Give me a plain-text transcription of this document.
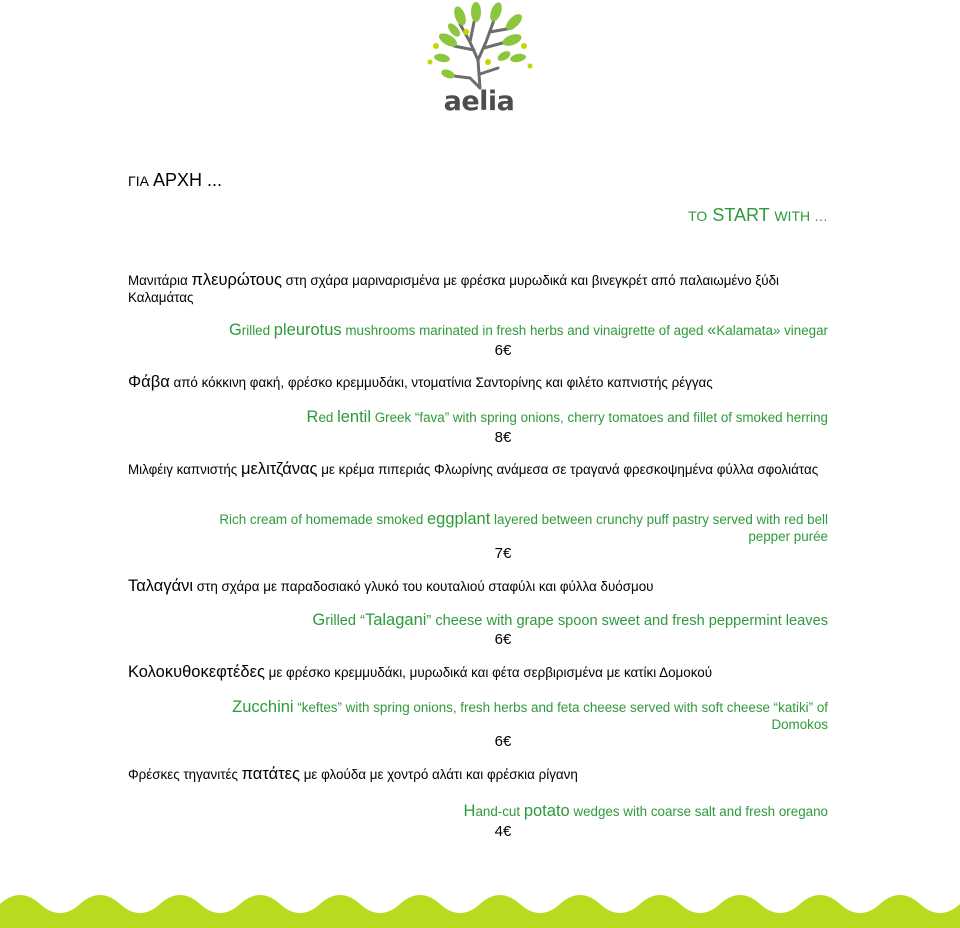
aelia
ΓΙΑ ΑΡΧΗ ...
TO START WITH …
Μανιτάρια πλευρώτους στη σχάρα μαριναρισμένα με φρέσκα μυρωδικά και βινεγκρέτ από παλαιωμένο ξύδι Καλαμάτας
Grilled pleurotus mushrooms marinated in fresh herbs and vinaigrette of aged «Kalamata» vinegar
6€
Φάβα από κόκκινη φακή, φρέσκο κρεμμυδάκι, ντοματίνια Σαντορίνης και φιλέτο καπνιστής ρέγγας
Red lentil Greek “fava” with spring onions, cherry tomatoes and fillet of smoked herring
8€
Μιλφέιγ καπνιστής μελιτζάνας με κρέμα πιπεριάς Φλωρίνης ανάμεσα σε τραγανά φρεσκοψημένα φύλλα σφολιάτας
Rich cream of homemade smoked eggplant layered between crunchy puff pastry served with red bell pepper purée
7€
Ταλαγάνι στη σχάρα με παραδοσιακό γλυκό του κουταλιού σταφύλι και φύλλα δυόσμου
Grilled “Talagani” cheese with grape spoon sweet and fresh peppermint leaves
6€
Κολοκυθοκεφτέδες με φρέσκο κρεμμυδάκι, μυρωδικά και φέτα σερβιρισμένα με κατίκι Δομοκού
Zucchini “keftes” with spring onions, fresh herbs and feta cheese served with soft cheese “katiki” of Domokos
6€
Φρέσκες τηγανιτές πατάτες με φλούδα με χοντρό αλάτι και φρέσκια ρίγανη
Hand-cut potato wedges with coarse salt and fresh oregano
4€
